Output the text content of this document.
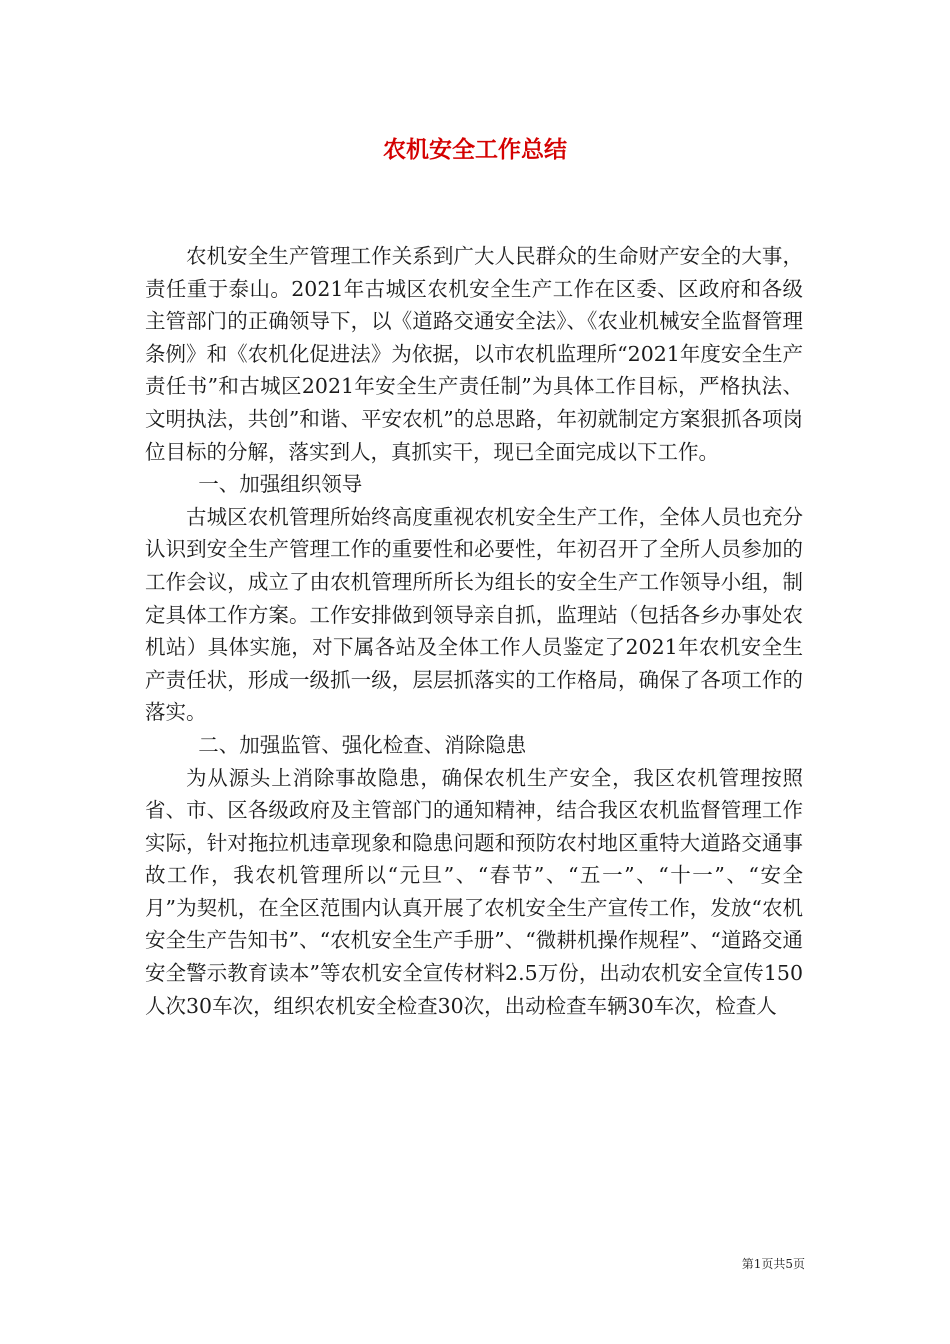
农机安全工作总结

农机安全生产管理工作关系到广大人民群众的生命财产安全的大事，责任重于泰山。2021年古城区农机安全生产工作在区委、区政府和各级主管部门的正确领导下，以《道路交通安全法》、《农业机械安全监督管理条例》和《农机化促进法》为依据，以市农机监理所“2021年度安全生产责任书”和古城区2021年安全生产责任制”为具体工作目标，严格执法、文明执法，共创”和谐、平安农机”的总思路，年初就制定方案狠抓各项岗位目标的分解，落实到人，真抓实干，现已全面完成以下工作。

一、加强组织领导

古城区农机管理所始终高度重视农机安全生产工作，全体人员也充分认识到安全生产管理工作的重要性和必要性，年初召开了全所人员参加的工作会议，成立了由农机管理所所长为组长的安全生产工作领导小组，制定具体工作方案。工作安排做到领导亲自抓，监理站（包括各乡办事处农机站）具体实施，对下属各站及全体工作人员鉴定了2021年农机安全生产责任状，形成一级抓一级，层层抓落实的工作格局，确保了各项工作的落实。

二、加强监管、强化检查、消除隐患

为从源头上消除事故隐患，确保农机生产安全，我区农机管理按照省、市、区各级政府及主管部门的通知精神，结合我区农机监督管理工作实际，针对拖拉机违章现象和隐患问题和预防农村地区重特大道路交通事故工作，我农机管理所以“元旦”、“春节”、“五一”、“十一”、“安全月”为契机，在全区范围内认真开展了农机安全生产宣传工作，发放“农机安全生产告知书”、“农机安全生产手册”、“微耕机操作规程”、“道路交通安全警示教育读本”等农机安全宣传材料2.5万份，出动农机安全宣传150人次30车次，组织农机安全检查30次，出动检查车辆30车次，检查人

第1页共5页
